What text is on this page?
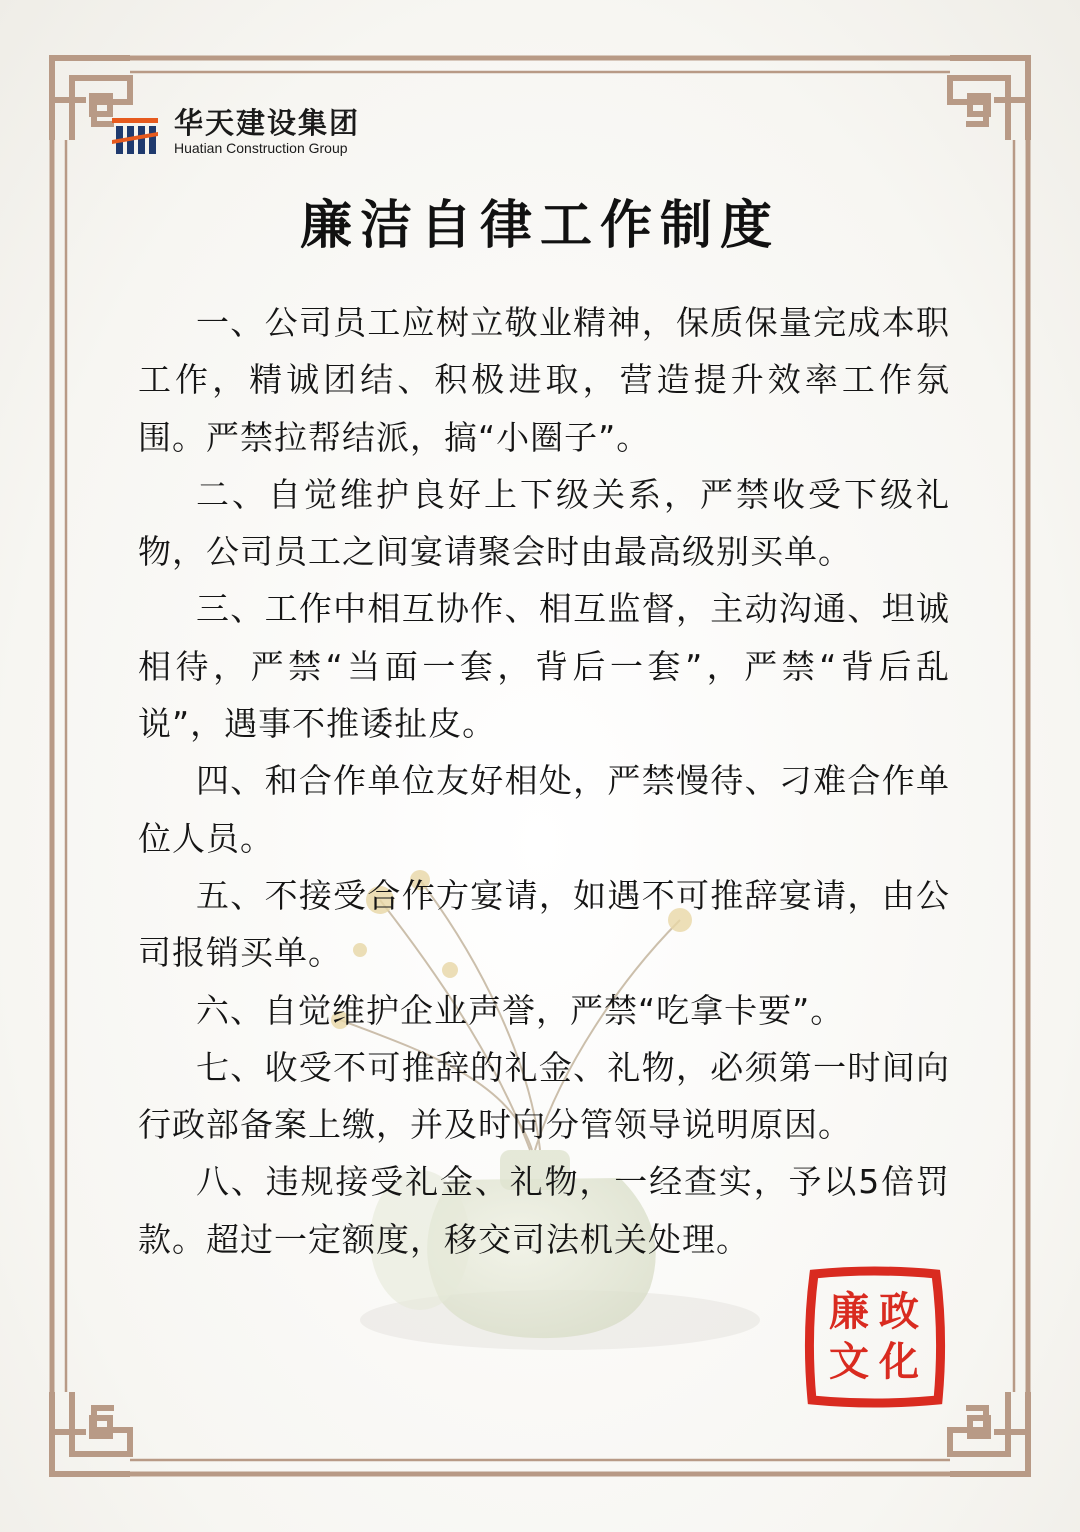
华天建设集团
Huatian Construction Group
廉洁自律工作制度
一、公司员工应树立敬业精神，保质保量完成本职工作，精诚团结、积极进取，营造提升效率工作氛围。严禁拉帮结派，搞“小圈子”。
二、自觉维护良好上下级关系，严禁收受下级礼物，公司员工之间宴请聚会时由最高级别买单。
三、工作中相互协作、相互监督，主动沟通、坦诚相待，严禁“当面一套，背后一套”，严禁“背后乱说”，遇事不推诿扯皮。
四、和合作单位友好相处，严禁慢待、刁难合作单位人员。
五、不接受合作方宴请，如遇不可推辞宴请，由公司报销买单。
六、自觉维护企业声誉，严禁“吃拿卡要”。
七、收受不可推辞的礼金、礼物，必须第一时间向行政部备案上缴，并及时向分管领导说明原因。
八、违规接受礼金、礼物，一经查实，予以5倍罚款。超过一定额度，移交司法机关处理。
廉 政
文 化
